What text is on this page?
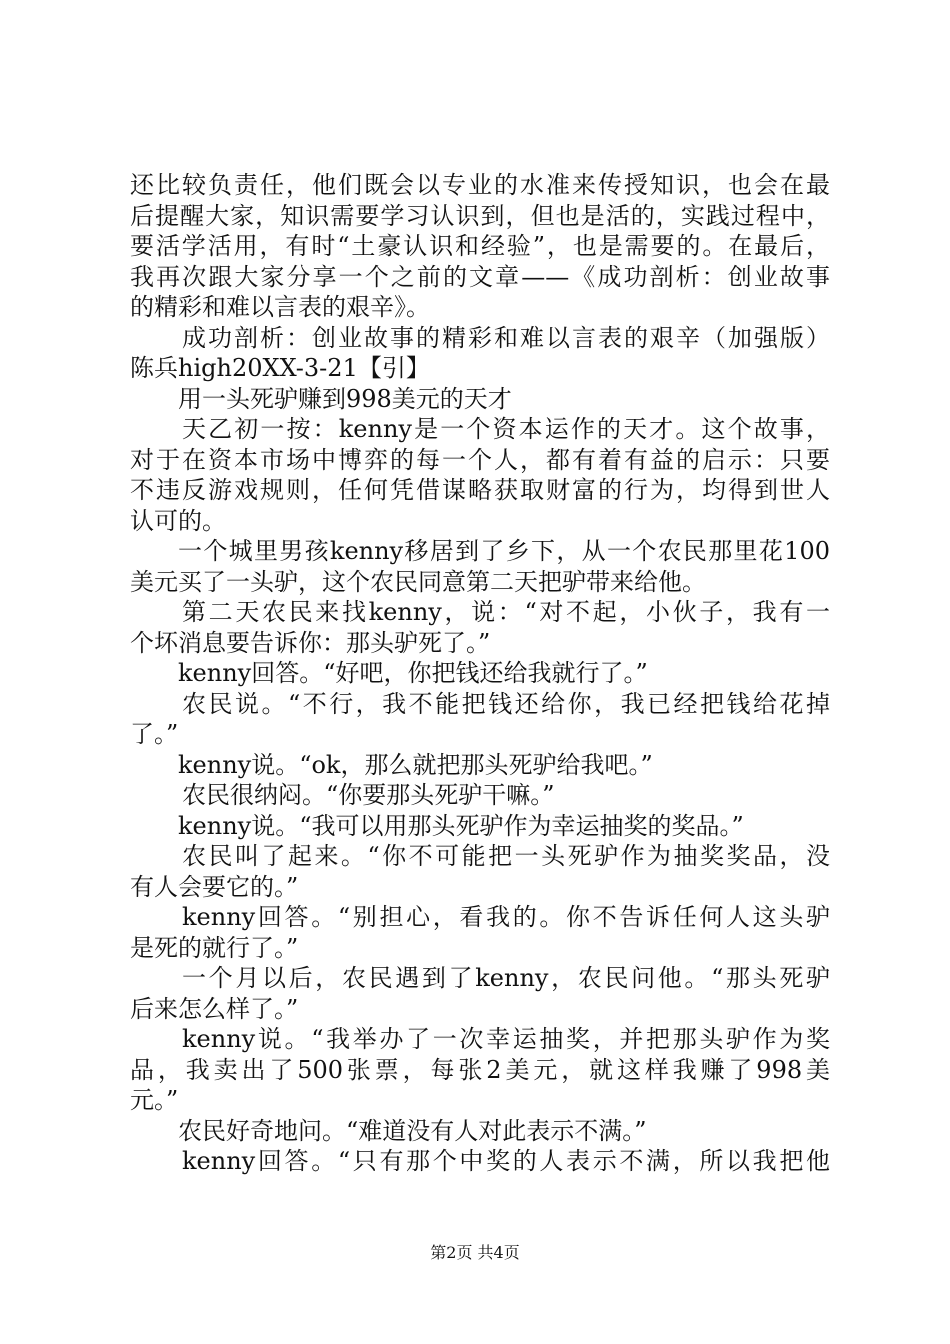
还比较负责任，他们既会以专业的水准来传授知识，也会在最
后提醒大家，知识需要学习认识到，但也是活的，实践过程中，
要活学活用，有时“土豪认识和经验”，也是需要的。在最后，
我再次跟大家分享一个之前的文章——《成功剖析：创业故事
的精彩和难以言表的艰辛》。
成功剖析：创业故事的精彩和难以言表的艰辛（加强版）
陈兵high20XX-3-21【引】
用一头死驴赚到998美元的天才
天乙初一按：kenny是一个资本运作的天才。这个故事，
对于在资本市场中博弈的每一个人，都有着有益的启示：只要
不违反游戏规则，任何凭借谋略获取财富的行为，均得到世人
认可的。
一个城里男孩kenny移居到了乡下，从一个农民那里花100
美元买了一头驴，这个农民同意第二天把驴带来给他。
第二天农民来找kenny，说：“对不起，小伙子，我有一
个坏消息要告诉你：那头驴死了。”
kenny回答。“好吧，你把钱还给我就行了。”
农民说。“不行，我不能把钱还给你，我已经把钱给花掉
了。”
kenny说。“ok，那么就把那头死驴给我吧。”
农民很纳闷。“你要那头死驴干嘛。”
kenny说。“我可以用那头死驴作为幸运抽奖的奖品。”
农民叫了起来。“你不可能把一头死驴作为抽奖奖品，没
有人会要它的。”
kenny回答。“别担心，看我的。你不告诉任何人这头驴
是死的就行了。”
一个月以后，农民遇到了kenny，农民问他。“那头死驴
后来怎么样了。”
kenny说。“我举办了一次幸运抽奖，并把那头驴作为奖
品，我卖出了500张票，每张2美元，就这样我赚了998美
元。”
农民好奇地问。“难道没有人对此表示不满。”
kenny回答。“只有那个中奖的人表示不满，所以我把他
第2页 共4页
